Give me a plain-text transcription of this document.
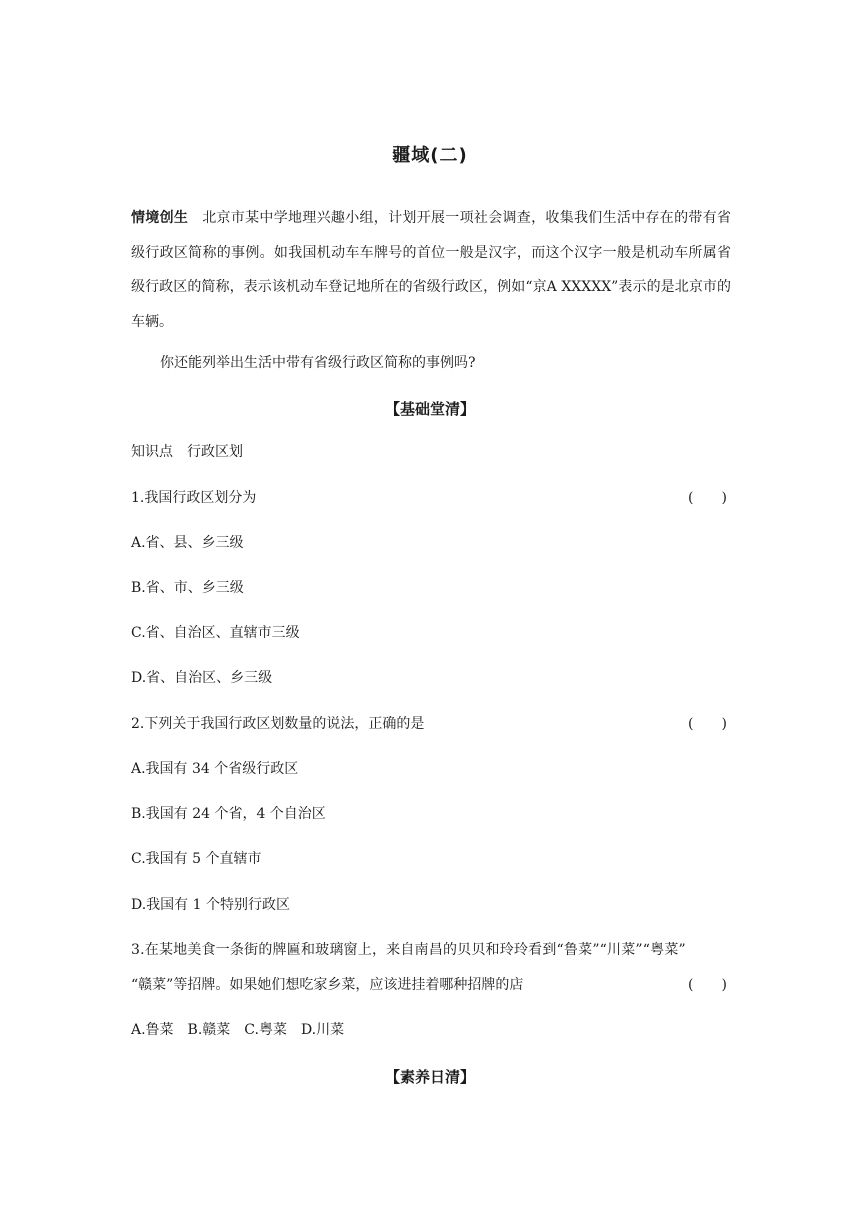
疆域(二)
情境创生 北京市某中学地理兴趣小组，计划开展一项社会调查，收集我们生活中存在的带有省级行政区简称的事例。如我国机动车车牌号的首位一般是汉字，而这个汉字一般是机动车所属省级行政区的简称，表示该机动车登记地所在的省级行政区，例如“京A XXXXX”表示的是北京市的车辆。
你还能列举出生活中带有省级行政区简称的事例吗?
【基础堂清】
知识点　行政区划
1.我国行政区划分为	(　　)
A.省、县、乡三级
B.省、市、乡三级
C.省、自治区、直辖市三级
D.省、自治区、乡三级
2.下列关于我国行政区划数量的说法，正确的是	(　　)
A.我国有 34 个省级行政区
B.我国有 24 个省，4 个自治区
C.我国有 5 个直辖市
D.我国有 1 个特别行政区
3.在某地美食一条街的牌匾和玻璃窗上，来自南昌的贝贝和玲玲看到“鲁菜”“川菜”“粤菜”
“赣菜”等招牌。如果她们想吃家乡菜，应该进挂着哪种招牌的店	(　　)
A.鲁菜　B.赣菜　C.粤菜　D.川菜
【素养日清】
